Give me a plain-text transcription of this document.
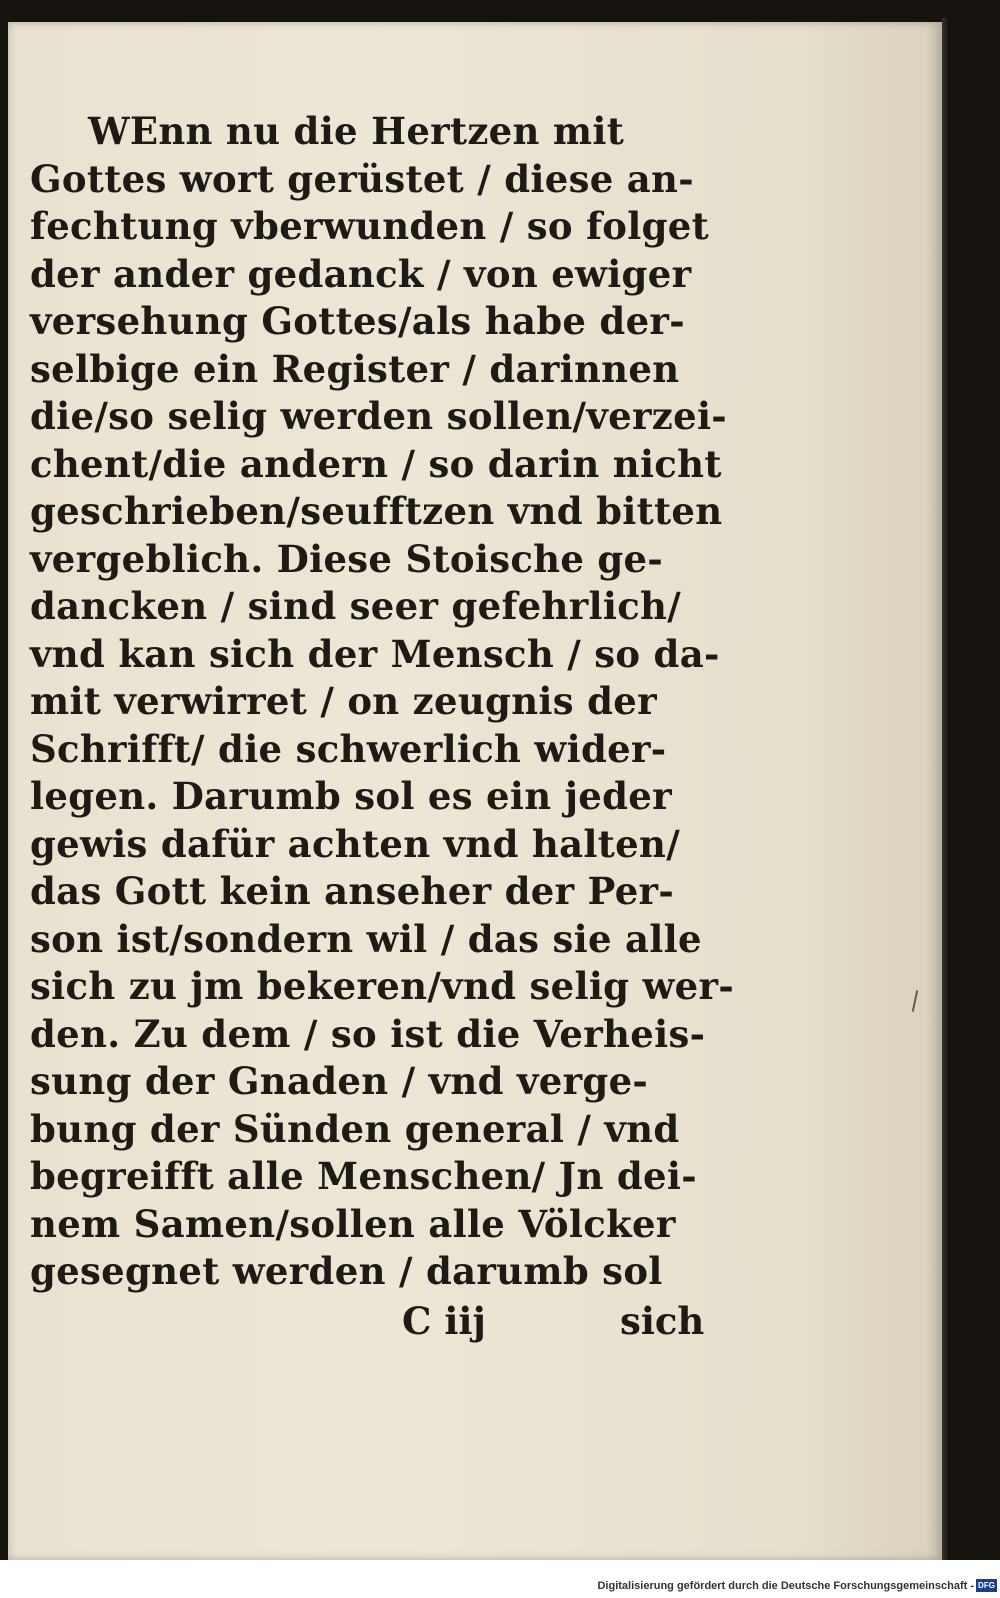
WEnn nu die Hertzen mit
Gottes wort gerüstet / diese an-
fechtung vberwunden / so folget
der ander gedanck / von ewiger
versehung Gottes/als habe der-
selbige ein Register / darinnen
die/so selig werden sollen/verzei-
chent/die andern / so darin nicht
geschrieben/seufftzen vnd bitten
vergeblich. Diese Stoische ge-
dancken / sind seer gefehrlich/
vnd kan sich der Mensch / so da-
mit verwirret / on zeugnis der
Schrifft/ die schwerlich wider-
legen. Darumb sol es ein jeder
gewis dafür achten vnd halten/
das Gott kein anseher der Per-
son ist/sondern wil / das sie alle
sich zu jm bekeren/vnd selig wer-
den. Zu dem / so ist die Verheis-
sung der Gnaden / vnd verge-
bung der Sünden general / vnd
begreifft alle Menschen/ Jn dei-
nem Samen/sollen alle Völcker
gesegnet werden / darumb sol
C iij	sich
Digitalisierung gefördert durch die Deutsche Forschungsgemeinschaft - DFG
